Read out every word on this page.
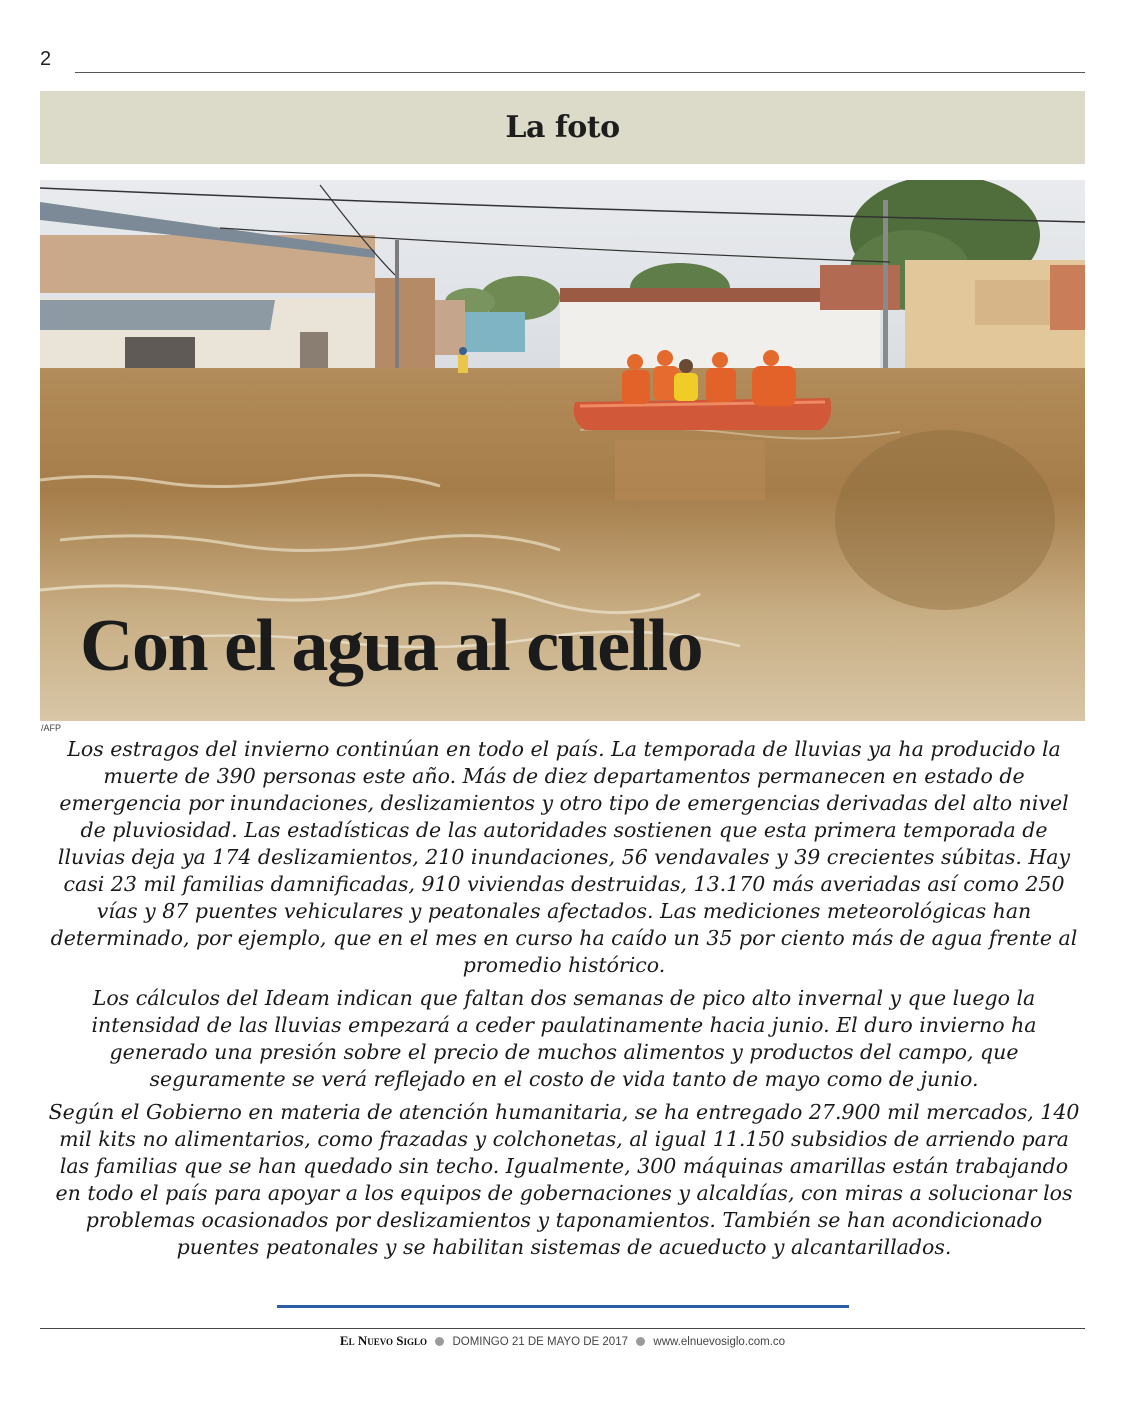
2
La foto
Con el agua al cuello
/AFP

Los estragos del invierno continúan en todo el país. La temporada de lluvias ya ha producido la muerte de 390 personas este año. Más de diez departamentos permanecen en estado de emergencia por inundaciones, deslizamientos y otro tipo de emergencias derivadas del alto nivel de pluviosidad. Las estadísticas de las autoridades sostienen que esta primera temporada de lluvias deja ya 174 deslizamientos, 210 inundaciones, 56 vendavales y 39 crecientes súbitas. Hay casi 23 mil familias damnificadas, 910 viviendas destruidas, 13.170 más averiadas así como 250 vías y 87 puentes vehiculares y peatonales afectados. Las mediciones meteorológicas han determinado, por ejemplo, que en el mes en curso ha caído un 35 por ciento más de agua frente al promedio histórico.

Los cálculos del Ideam indican que faltan dos semanas de pico alto invernal y que luego la intensidad de las lluvias empezará a ceder paulatinamente hacia junio. El duro invierno ha generado una presión sobre el precio de muchos alimentos y productos del campo, que seguramente se verá reflejado en el costo de vida tanto de mayo como de junio.

Según el Gobierno en materia de atención humanitaria, se ha entregado 27.900 mil mercados, 140 mil kits no alimentarios, como frazadas y colchonetas, al igual 11.150 subsidios de arriendo para las familias que se han quedado sin techo. Igualmente, 300 máquinas amarillas están trabajando en todo el país para apoyar a los equipos de gobernaciones y alcaldías, con miras a solucionar los problemas ocasionados por deslizamientos y taponamientos. También se han acondicionado puentes peatonales y se habilitan sistemas de acueducto y alcantarillados.

El Nuevo Siglo DOMINGO 21 DE MAYO DE 2017 www.elnuevosiglo.com.co
